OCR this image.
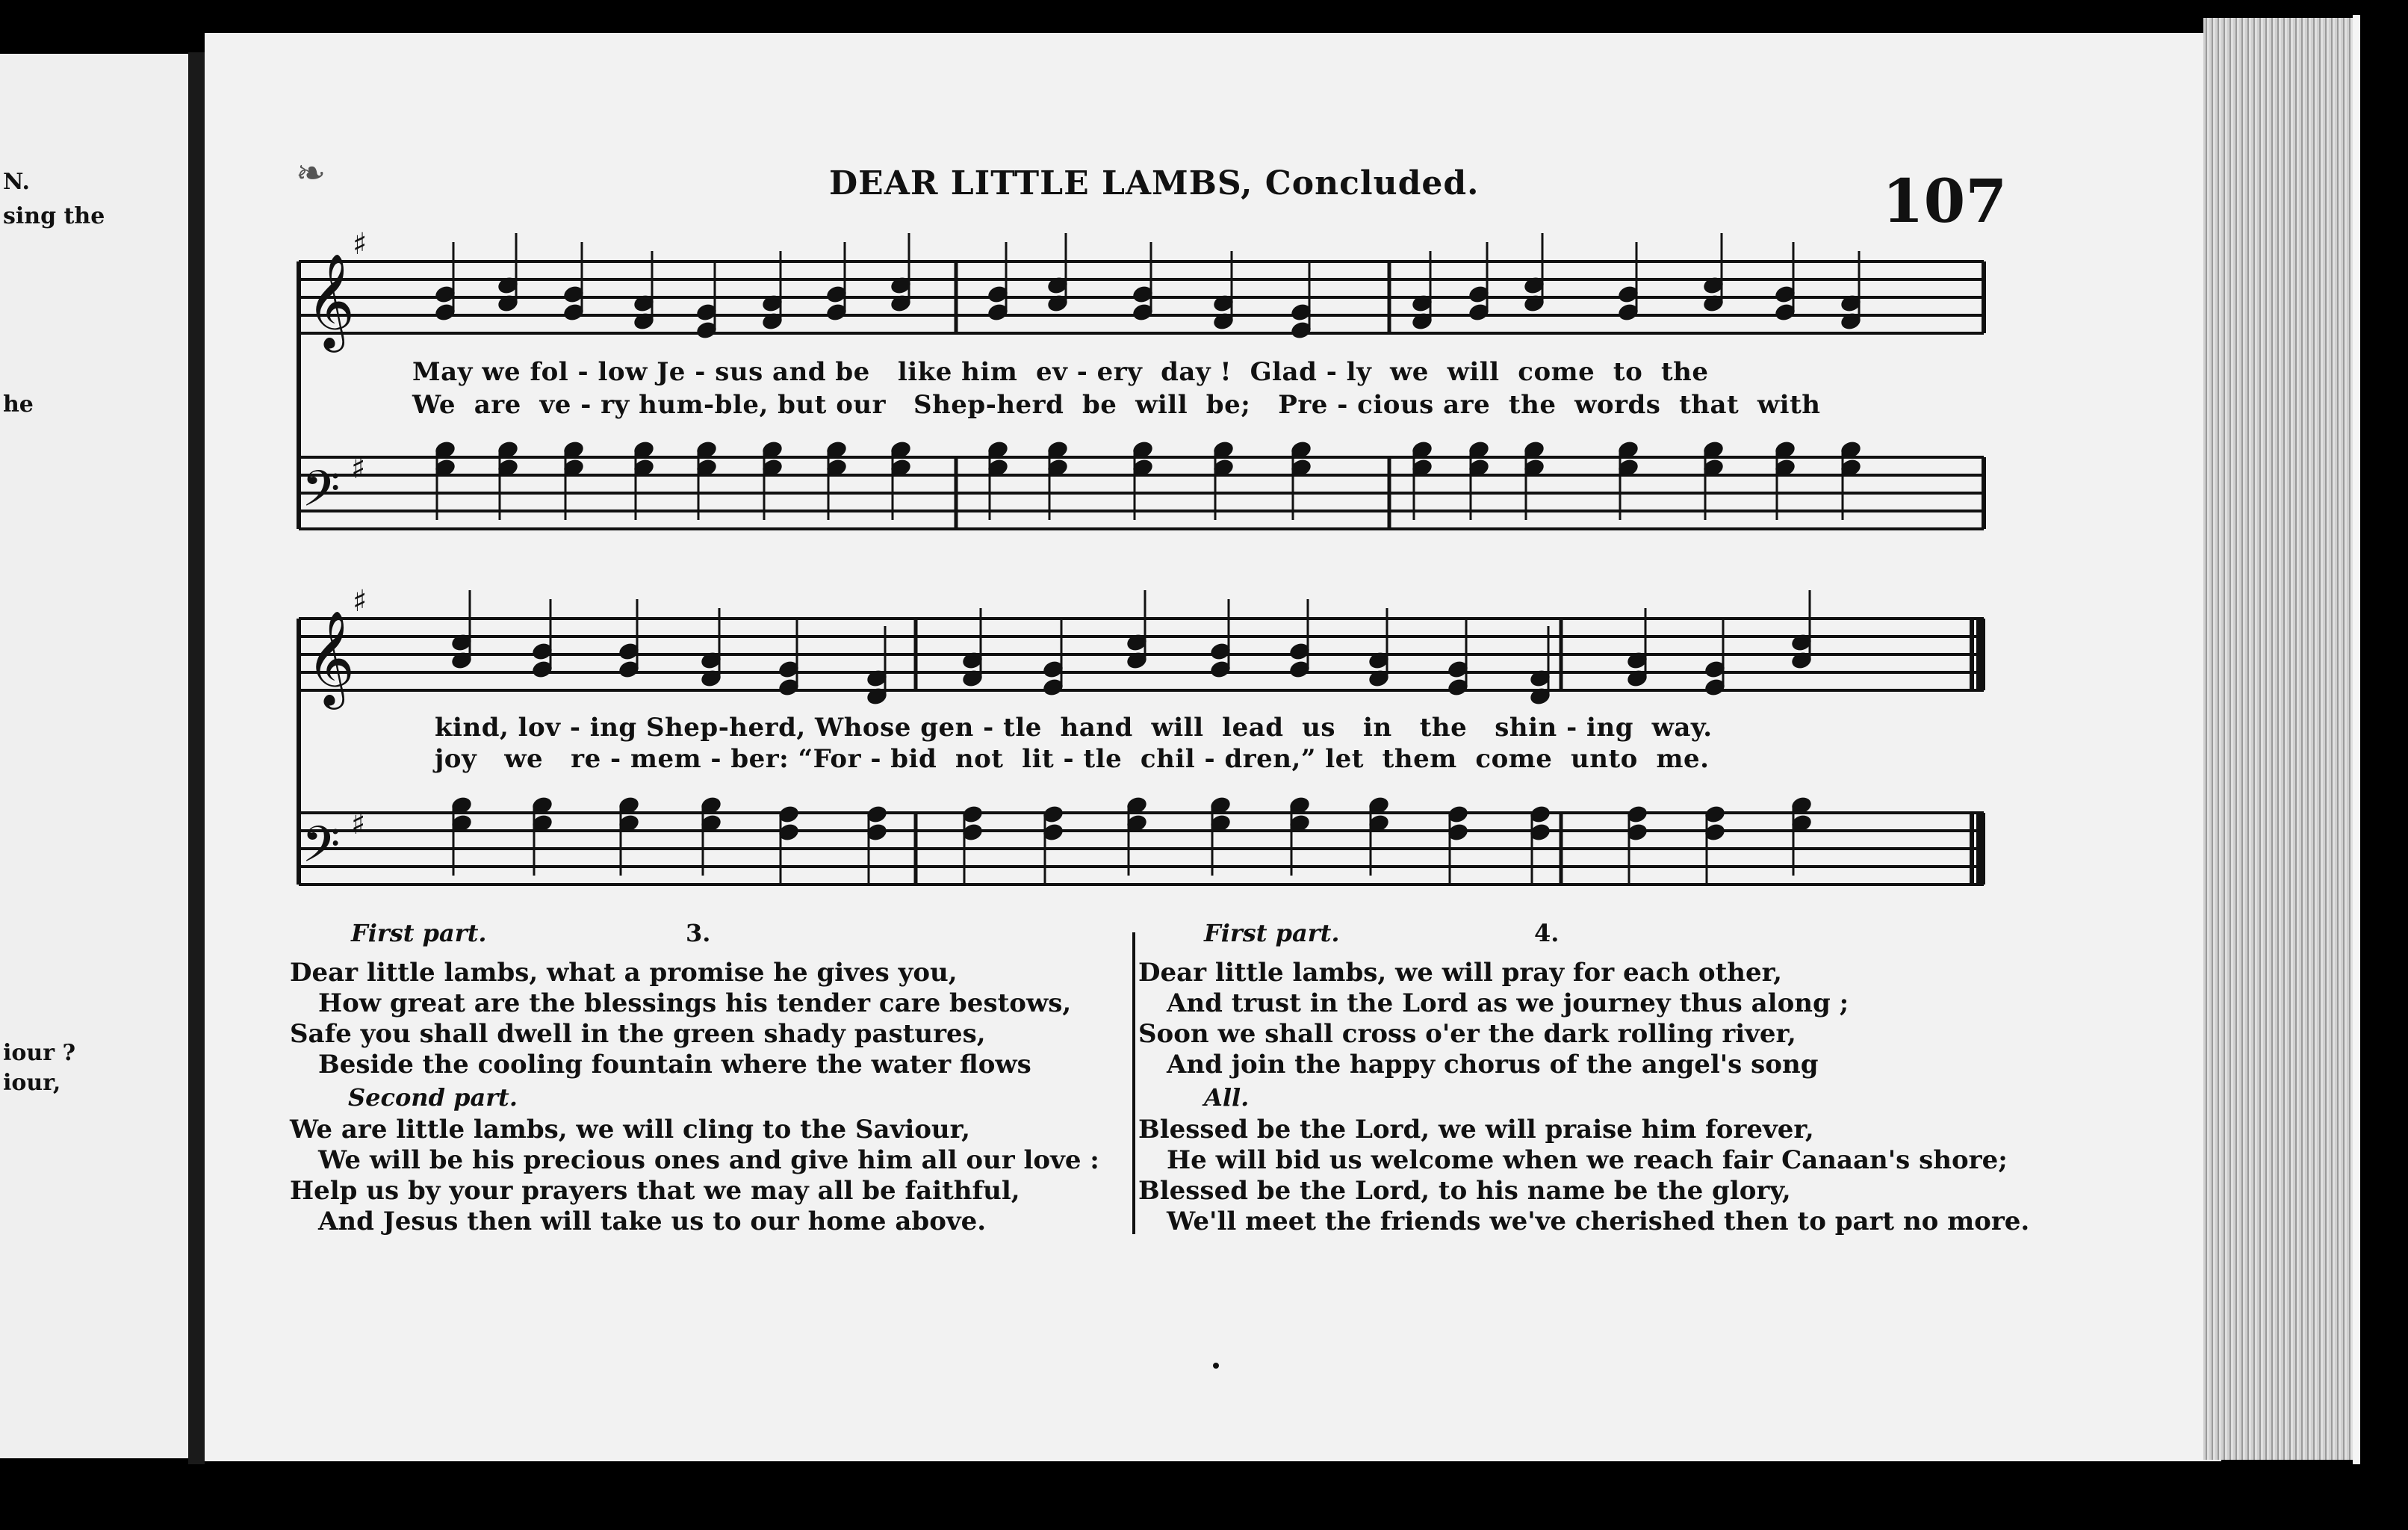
N.
sing the
he
iour ?
iour,
DEAR LITTLE LAMBS, Concluded.	107
𝄞
𝄢
♯
♯
𝄞
𝄢
♯
♯
❧
May we fol - low Je - sus and be   like him  ev - ery  day !  Glad - ly  we  will  come  to  the
We  are  ve - ry hum-ble, but our   Shep-herd  be  will  be;   Pre - cious are  the  words  that  with
kind, lov - ing Shep-herd, Whose gen - tle  hand  will  lead  us   in   the   shin - ing  way.
joy   we   re - mem - ber: “For - bid  not  lit - tle  chil - dren,” let  them  come  unto  me.
First part.	3.
Dear little lambs, what a promise he gives you,
How great are the blessings his tender care bestows,
Safe you shall dwell in the green shady pastures,
Beside the cooling fountain where the water flows
Second part.
We are little lambs, we will cling to the Saviour,
We will be his precious ones and give him all our love :
Help us by your prayers that we may all be faithful,
And Jesus then will take us to our home above.
First part.	4.
Dear little lambs, we will pray for each other,
And trust in the Lord as we journey thus along ;
Soon we shall cross o'er the dark rolling river,
And join the happy chorus of the angel's song
All.
Blessed be the Lord, we will praise him forever,
He will bid us welcome when we reach fair Canaan's shore;
Blessed be the Lord, to his name be the glory,
We'll meet the friends we've cherished then to part no more.
